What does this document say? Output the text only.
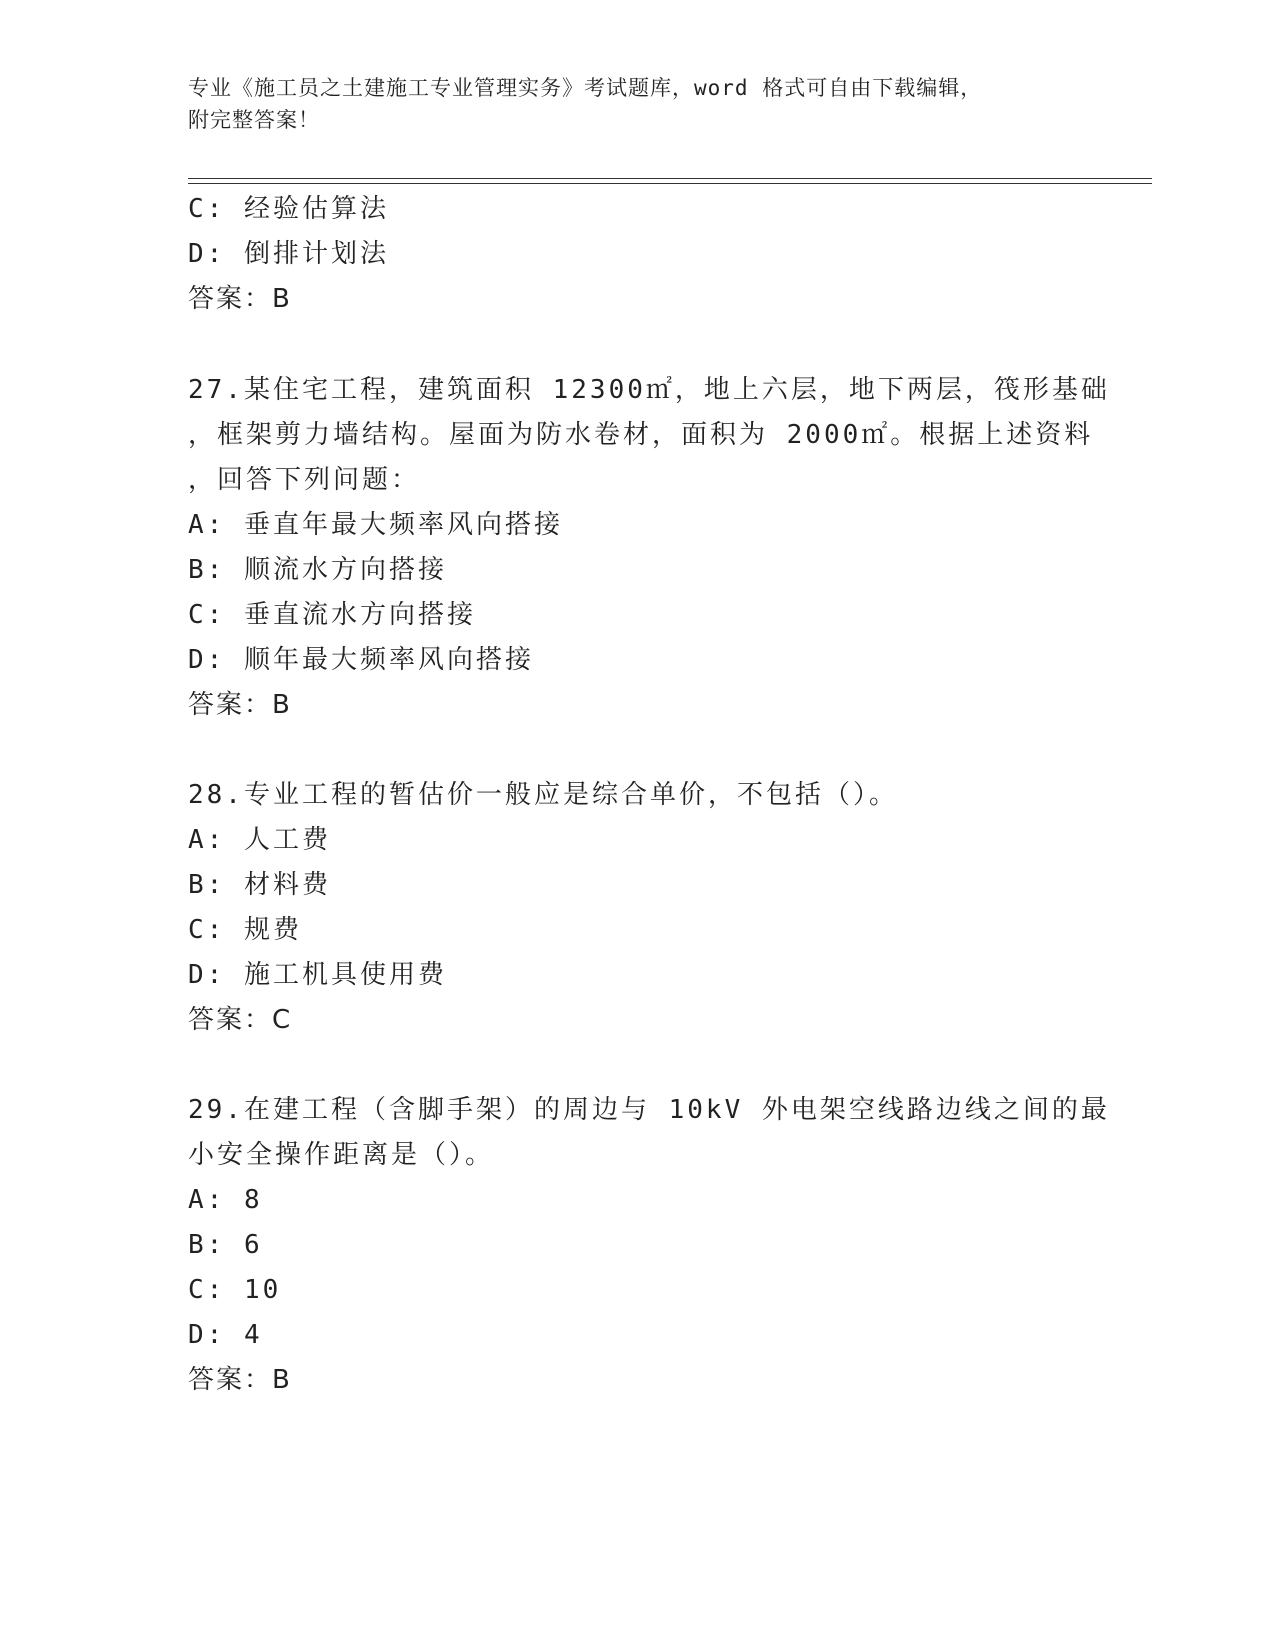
专业《施工员之土建施工专业管理实务》考试题库，word 格式可自由下载编辑，
附完整答案！
C: 经验估算法
D: 倒排计划法
答案：B
27.某住宅工程，建筑面积 12300㎡，地上六层，地下两层，筏形基础
，框架剪力墙结构。屋面为防水卷材，面积为 2000㎡。根据上述资料
，回答下列问题：
A: 垂直年最大频率风向搭接
B: 顺流水方向搭接
C: 垂直流水方向搭接
D: 顺年最大频率风向搭接
答案：B
28.专业工程的暂估价一般应是综合单价，不包括（）。
A: 人工费
B: 材料费
C: 规费
D: 施工机具使用费
答案：C
29.在建工程（含脚手架）的周边与 10kV 外电架空线路边线之间的最
小安全操作距离是（）。
A: 8
B: 6
C: 10
D: 4
答案：B
